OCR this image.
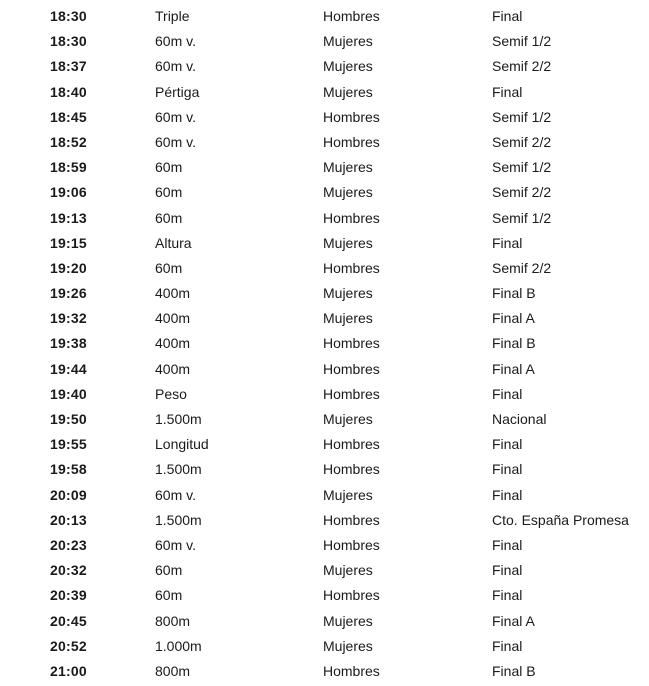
18:30	Triple	Hombres	Final
18:30	60m v.	Mujeres	Semif 1/2
18:37	60m v.	Mujeres	Semif 2/2
18:40	Pértiga	Mujeres	Final
18:45	60m v.	Hombres	Semif 1/2
18:52	60m v.	Hombres	Semif 2/2
18:59	60m	Mujeres	Semif 1/2
19:06	60m	Mujeres	Semif 2/2
19:13	60m	Hombres	Semif 1/2
19:15	Altura	Mujeres	Final
19:20	60m	Hombres	Semif 2/2
19:26	400m	Mujeres	Final B
19:32	400m	Mujeres	Final A
19:38	400m	Hombres	Final B
19:44	400m	Hombres	Final A
19:40	Peso	Hombres	Final
19:50	1.500m	Mujeres	Nacional
19:55	Longitud	Hombres	Final
19:58	1.500m	Hombres	Final
20:09	60m v.	Mujeres	Final
20:13	1.500m	Hombres	Cto. España Promesa
20:23	60m v.	Hombres	Final
20:32	60m	Mujeres	Final
20:39	60m	Hombres	Final
20:45	800m	Mujeres	Final A
20:52	1.000m	Mujeres	Final
21:00	800m	Hombres	Final B
